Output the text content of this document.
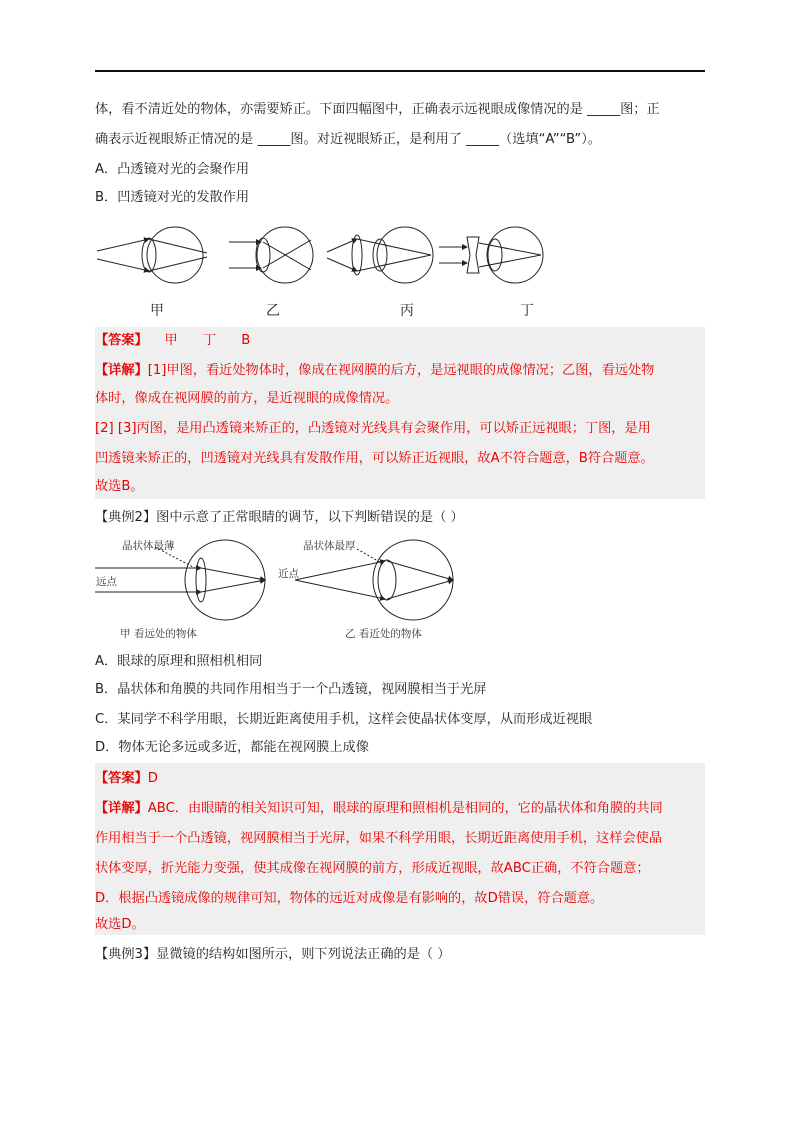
体，看不清近处的物体，亦需要矫正。下面四幅图中，正确表示远视眼成像情况的是 _____图；正
确表示近视眼矫正情况的是 _____图。对近视眼矫正，是利用了 _____（选填“A”“B”）。
A．凸透镜对光的会聚作用
B．凹透镜对光的发散作用
甲	乙	丙	丁
【答案】    甲      丁      B
【详解】[1]甲图，看近处物体时，像成在视网膜的后方，是远视眼的成像情况；乙图，看远处物
体时，像成在视网膜的前方，是近视眼的成像情况。
[2] [3]丙图，是用凸透镜来矫正的，凸透镜对光线具有会聚作用，可以矫正远视眼；丁图，是用
凹透镜来矫正的，凹透镜对光线具有发散作用，可以矫正近视眼，故A不符合题意，B符合题意。
故选B。
【典例2】图中示意了正常眼睛的调节，以下判断错误的是（ ）
晶状体最薄
远点
甲 看远处的物体
晶状体最厚
近点
乙 看近处的物体
A．眼球的原理和照相机相同
B．晶状体和角膜的共同作用相当于一个凸透镜，视网膜相当于光屏
C．某同学不科学用眼，长期近距离使用手机，这样会使晶状体变厚，从而形成近视眼
D．物体无论多远或多近，都能在视网膜上成像
【答案】D
【详解】ABC．由眼睛的相关知识可知，眼球的原理和照相机是相同的，它的晶状体和角膜的共同
作用相当于一个凸透镜，视网膜相当于光屏，如果不科学用眼，长期近距离使用手机，这样会使晶
状体变厚，折光能力变强，使其成像在视网膜的前方，形成近视眼，故ABC正确，不符合题意；
D．根据凸透镜成像的规律可知，物体的远近对成像是有影响的，故D错误，符合题意。
故选D。
【典例3】显微镜的结构如图所示，则下列说法正确的是（ ）
